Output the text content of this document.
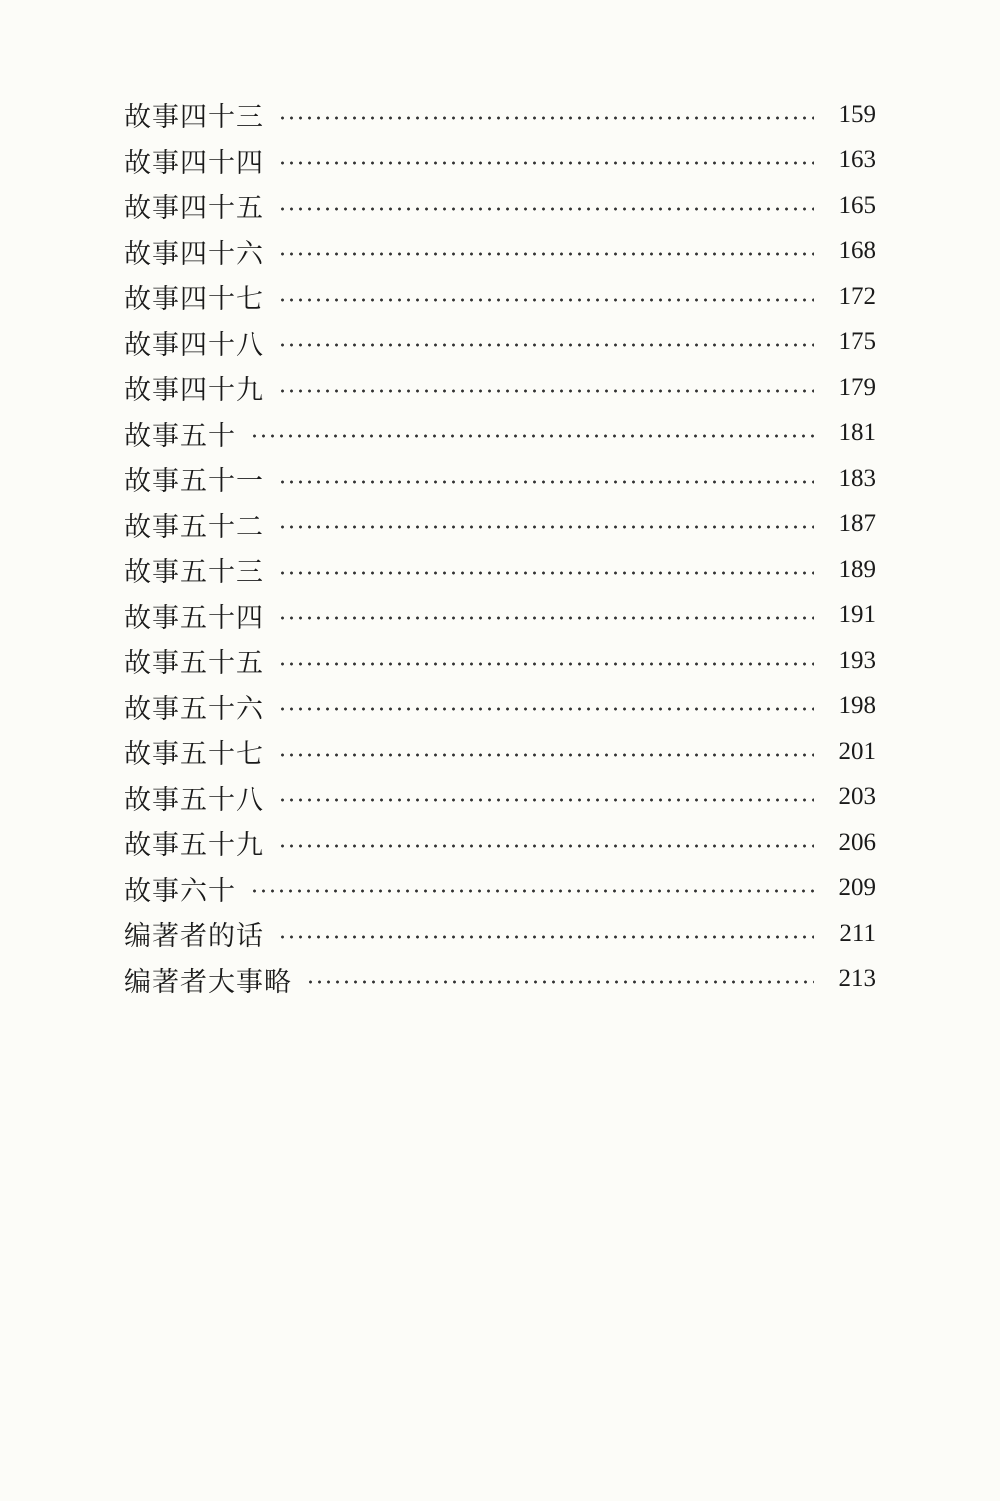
故事四十三	159
故事四十四	163
故事四十五	165
故事四十六	168
故事四十七	172
故事四十八	175
故事四十九	179
故事五十	181
故事五十一	183
故事五十二	187
故事五十三	189
故事五十四	191
故事五十五	193
故事五十六	198
故事五十七	201
故事五十八	203
故事五十九	206
故事六十	209
编著者的话	211
编著者大事略	213
